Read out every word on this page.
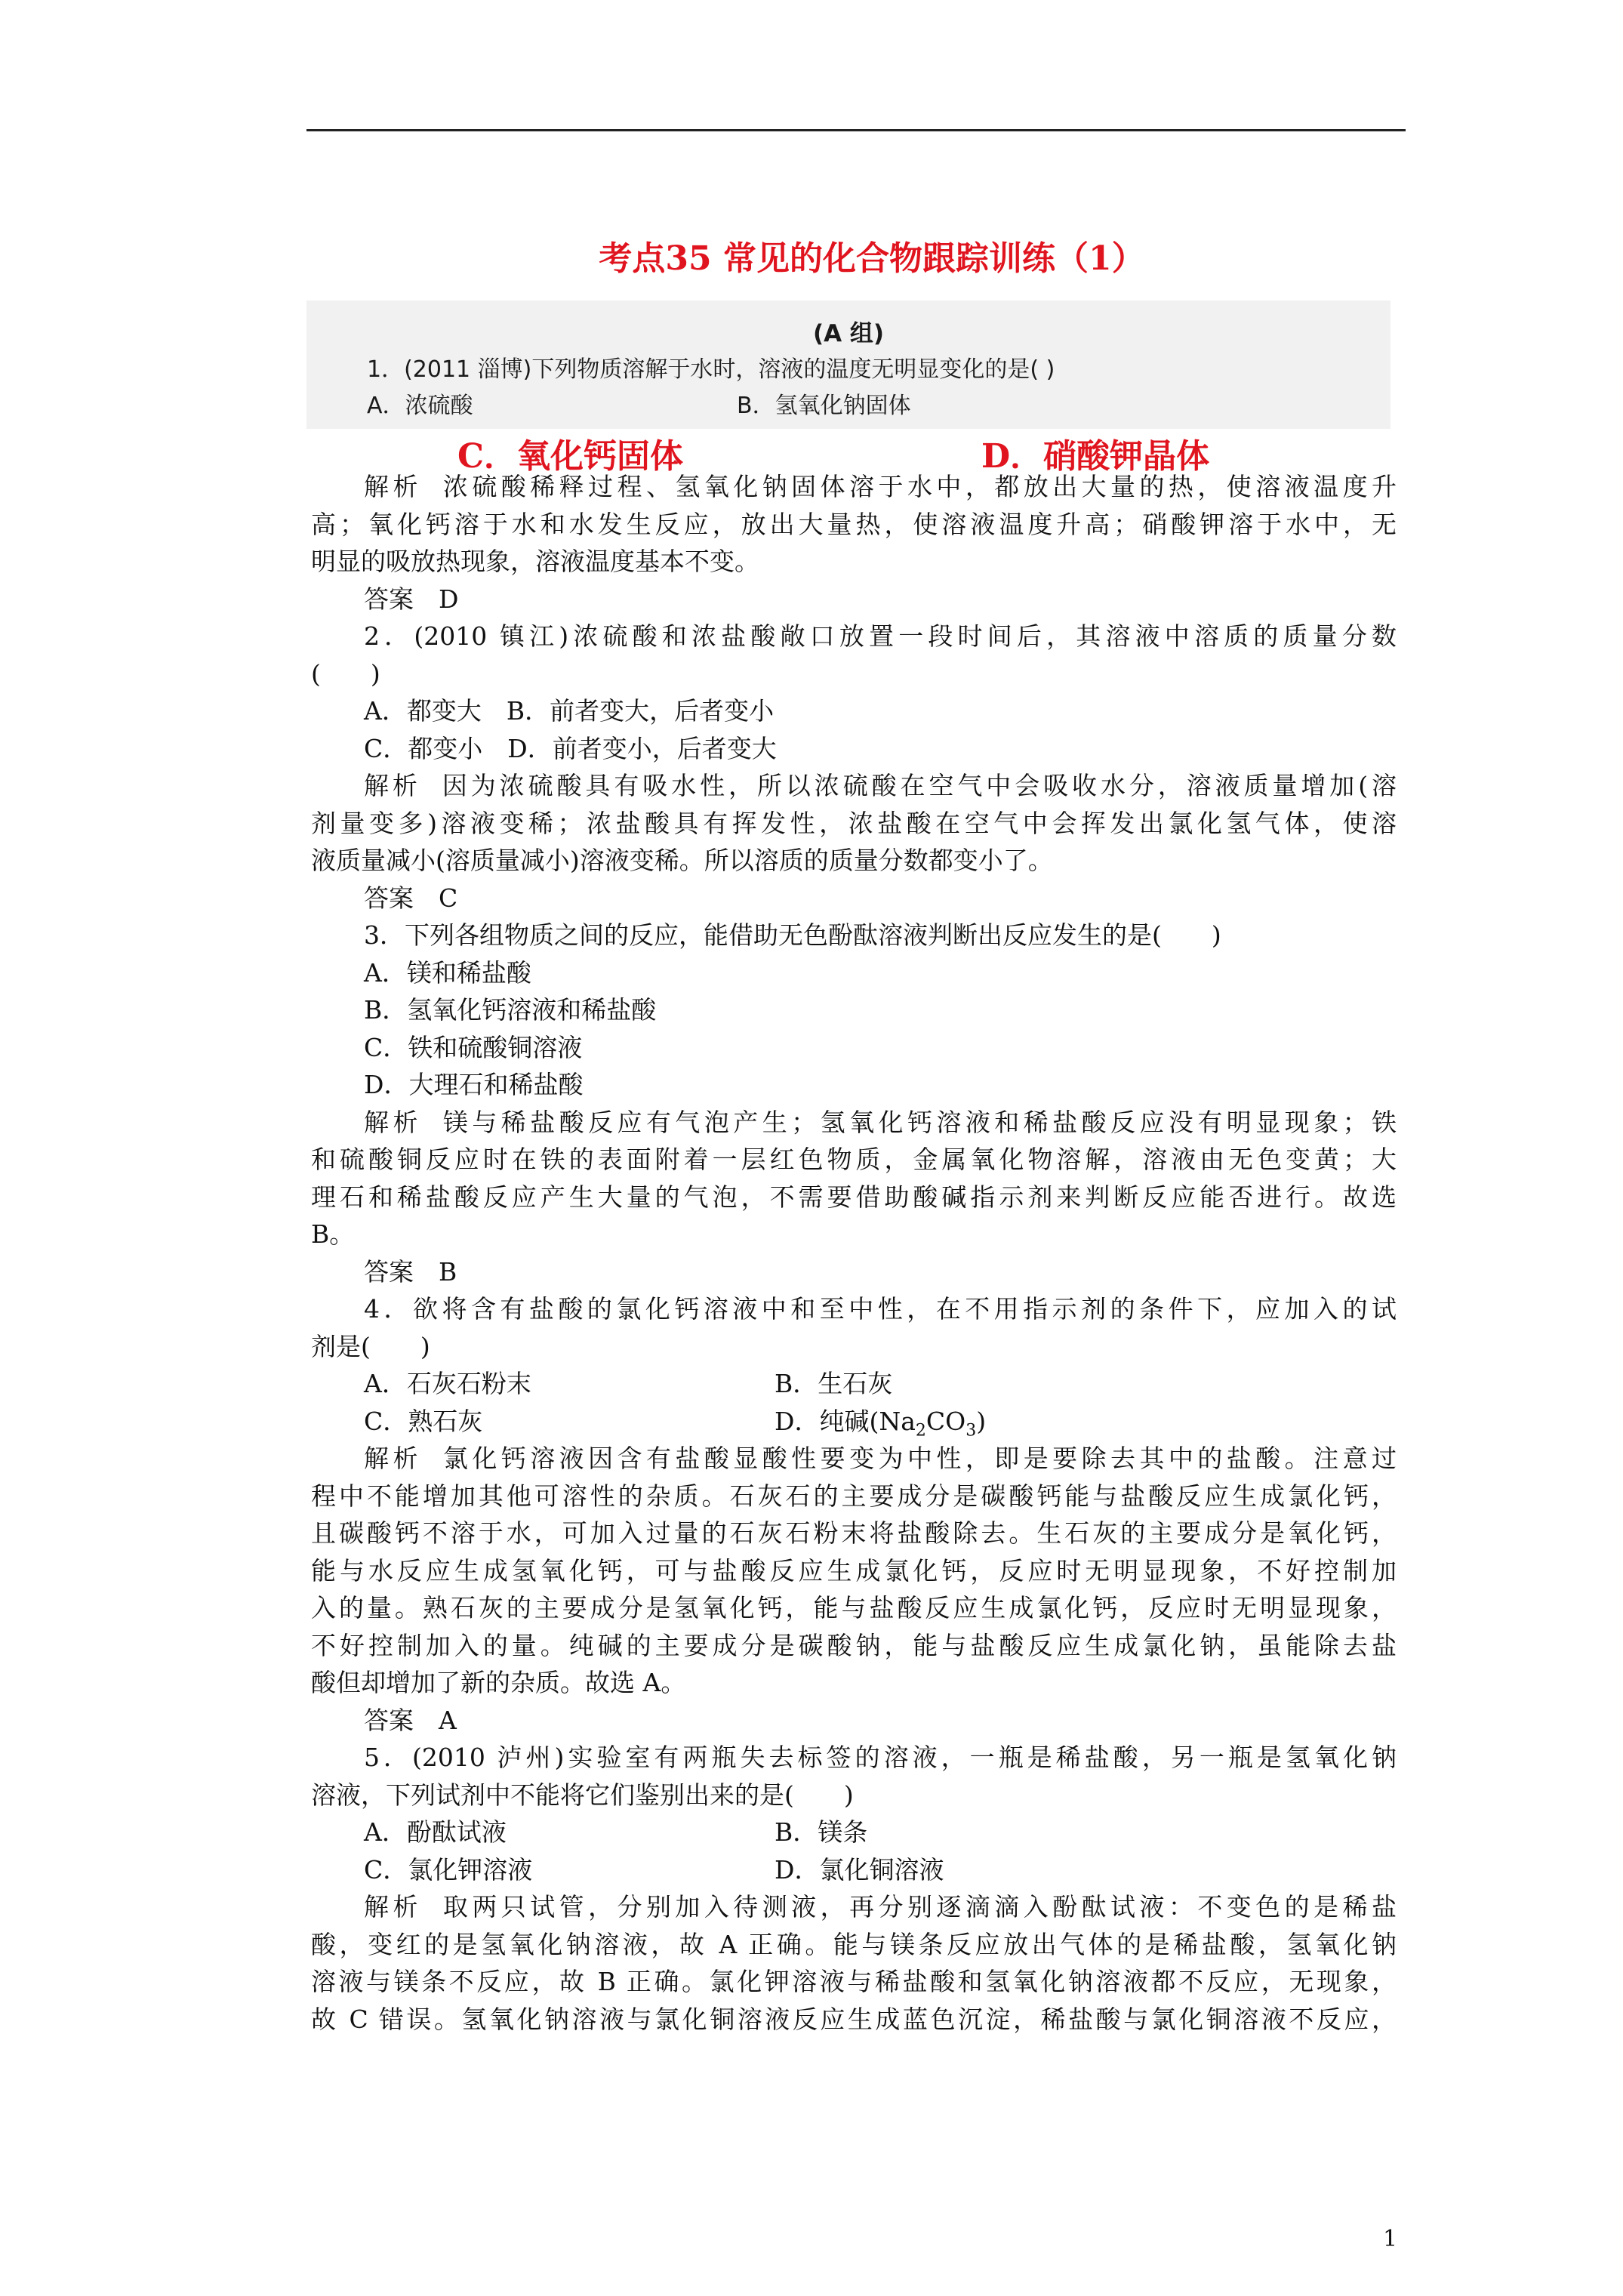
考点35 常见的化合物跟踪训练（1）
(A 组)
1．(2011 淄博)下列物质溶解于水时，溶液的温度无明显变化的是( )
A．浓硫酸	B．氢氧化钠固体
C．氧化钙固体	D．硝酸钾晶体
解析 浓硫酸稀释过程、氢氧化钠固体溶于水中，都放出大量的热，使溶液温度升
高；氧化钙溶于水和水发生反应，放出大量热，使溶液温度升高；硝酸钾溶于水中，无
明显的吸放热现象，溶液温度基本不变。
答案　D
2．(2010 镇江)浓硫酸和浓盐酸敞口放置一段时间后，其溶液中溶质的质量分数
(　　)
A．都变大　B．前者变大，后者变小
C．都变小　D．前者变小，后者变大
解析 因为浓硫酸具有吸水性，所以浓硫酸在空气中会吸收水分，溶液质量增加(溶
剂量变多)溶液变稀；浓盐酸具有挥发性，浓盐酸在空气中会挥发出氯化氢气体，使溶
液质量减小(溶质量减小)溶液变稀。所以溶质的质量分数都变小了。
答案　C
3．下列各组物质之间的反应，能借助无色酚酞溶液判断出反应发生的是(　　)
A．镁和稀盐酸
B．氢氧化钙溶液和稀盐酸
C．铁和硫酸铜溶液
D．大理石和稀盐酸
解析 镁与稀盐酸反应有气泡产生；氢氧化钙溶液和稀盐酸反应没有明显现象；铁
和硫酸铜反应时在铁的表面附着一层红色物质，金属氧化物溶解，溶液由无色变黄；大
理石和稀盐酸反应产生大量的气泡，不需要借助酸碱指示剂来判断反应能否进行。故选
B。
答案　B
4．欲将含有盐酸的氯化钙溶液中和至中性，在不用指示剂的条件下，应加入的试
剂是(　　)
A．石灰石粉末	B．生石灰
C．熟石灰	D．纯碱$(Na_2CO_3)$
解析 氯化钙溶液因含有盐酸显酸性要变为中性，即是要除去其中的盐酸。注意过
程中不能增加其他可溶性的杂质。石灰石的主要成分是碳酸钙能与盐酸反应生成氯化钙，
且碳酸钙不溶于水，可加入过量的石灰石粉末将盐酸除去。生石灰的主要成分是氧化钙，
能与水反应生成氢氧化钙，可与盐酸反应生成氯化钙，反应时无明显现象，不好控制加
入的量。熟石灰的主要成分是氢氧化钙，能与盐酸反应生成氯化钙，反应时无明显现象，
不好控制加入的量。纯碱的主要成分是碳酸钠，能与盐酸反应生成氯化钠，虽能除去盐
酸但却增加了新的杂质。故选 A。
答案　A
5．(2010 泸州)实验室有两瓶失去标签的溶液，一瓶是稀盐酸，另一瓶是氢氧化钠
溶液，下列试剂中不能将它们鉴别出来的是(　　)
A．酚酞试液	B．镁条
C．氯化钾溶液	D．氯化铜溶液
解析 取两只试管，分别加入待测液，再分别逐滴滴入酚酞试液：不变色的是稀盐
酸，变红的是氢氧化钠溶液，故 A 正确。能与镁条反应放出气体的是稀盐酸，氢氧化钠
溶液与镁条不反应，故 B 正确。氯化钾溶液与稀盐酸和氢氧化钠溶液都不反应，无现象，
故 C 错误。氢氧化钠溶液与氯化铜溶液反应生成蓝色沉淀，稀盐酸与氯化铜溶液不反应，
1
